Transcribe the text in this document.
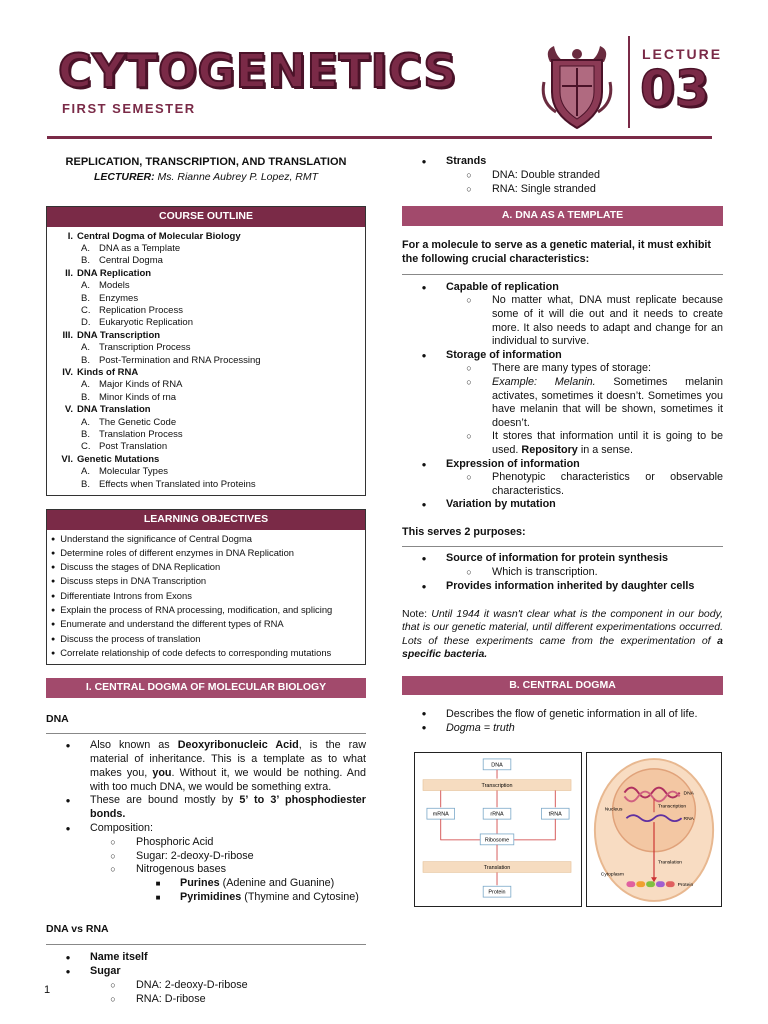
CYTOGENETICS
FIRST SEMESTER
LECTURE
03
REPLICATION, TRANSCRIPTION, AND TRANSLATION
LECTURER: Ms. Rianne Aubrey P. Lopez, RMT
COURSE OUTLINE
I. Central Dogma of Molecular Biology
A. DNA as a Template
B. Central Dogma
II. DNA Replication
A. Models
B. Enzymes
C. Replication Process
D. Eukaryotic Replication
III. DNA Transcription
A. Transcription Process
B. Post-Termination and RNA Processing
IV. Kinds of RNA
A. Major Kinds of RNA
B. Minor Kinds of rna
V. DNA Translation
A. The Genetic Code
B. Translation Process
C. Post Translation
VI. Genetic Mutations
A. Molecular Types
B. Effects when Translated into Proteins
LEARNING OBJECTIVES
● Understand the significance of Central Dogma
● Determine roles of different enzymes in DNA Replication
● Discuss the stages of DNA Replication
● Discuss steps in DNA Transcription
● Differentiate Introns from Exons
● Explain the process of RNA processing, modification, and splicing
● Enumerate and understand the different types of RNA
● Discuss the process of translation
● Correlate relationship of code defects to corresponding mutations
I. CENTRAL DOGMA OF MOLECULAR BIOLOGY
DNA
●	Also known as Deoxyribonucleic Acid, is the raw material of inheritance. This is a template as to what makes you, you. Without it, we would be nothing. And with too much DNA, we would be something extra.
●	These are bound mostly by 5’ to 3’ phosphodiester bonds.
●	Composition:
○	Phosphoric Acid
○	Sugar: 2-deoxy-D-ribose
○	Nitrogenous bases
■	Purines (Adenine and Guanine)
■	Pyrimidines (Thymine and Cytosine)
DNA vs RNA
●	Name itself
●	Sugar
○	DNA: 2-deoxy-D-ribose
○	RNA: D-ribose
●	Strands
○	DNA: Double stranded
○	RNA: Single stranded
A. DNA AS A TEMPLATE
For a molecule to serve as a genetic material, it must exhibit the following crucial characteristics:
●	Capable of replication
○	No matter what, DNA must replicate because some of it will die out and it needs to create more. It also needs to adapt and change for an individual to survive.
●	Storage of information
○	There are many types of storage:
○	Example: Melanin. Sometimes melanin activates, sometimes it doesn’t. Sometimes you have melanin that will be shown, sometimes it doesn’t.
○	It stores that information until it is going to be used. Repository in a sense.
●	Expression of information
○	Phenotypic characteristics or observable characteristics.
●	Variation by mutation
This serves 2 purposes:
●	Source of information for protein synthesis
○	Which is transcription.
●	Provides information inherited by daughter cells
Note: Until 1944 it wasn't clear what is the component in our body, that is our genetic material, until different experimentations occurred. Lots of these experiments came from the experimentation of a specific bacteria.
B. CENTRAL DOGMA
●	Describes the flow of genetic information in all of life.
●	Dogma = truth
DNA
Transcription
mRNA	rRNA	tRNA
Ribosome
Translation
Protein
DNA
Nucleus
Transcription
RNA
Translation
Cytoplasm
Protein
1
